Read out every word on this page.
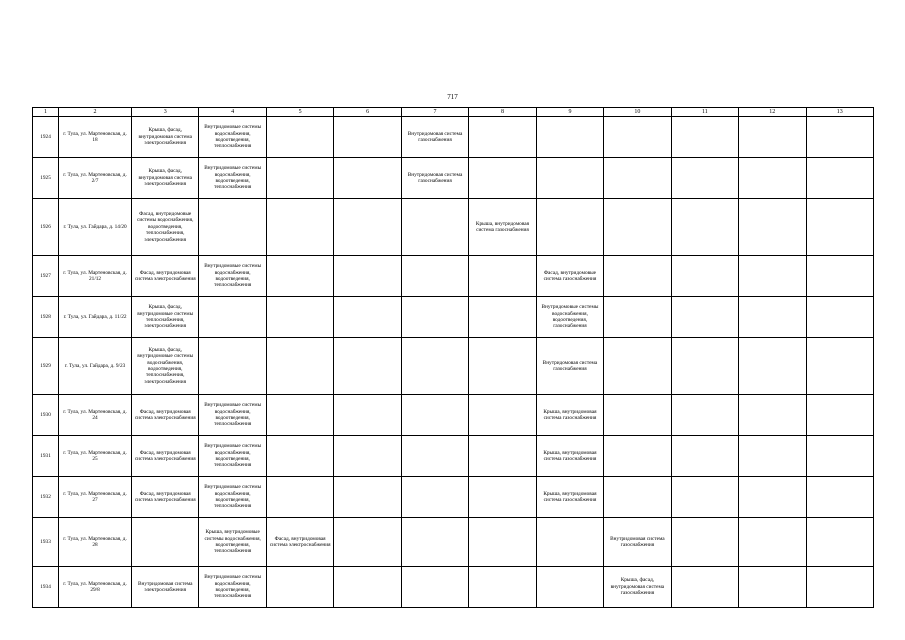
717
1	2	3	4	5	6	7	8	9	10	11	12	13
1924	г. Тула, ул. Мартеновская, д. 18	Крыша, фасад, внутридомовая система электроснабжения	Внутридомовые системы водоснабжения, водоотведения, теплоснабжения			Внутридомовая система газоснабжения						
1925	г. Тула, ул. Мартеновская, д. 2/7	Крыша, фасад, внутридомовая система электроснабжения	Внутридомовые системы водоснабжения, водоотведения, теплоснабжения			Внутридомовая система газоснабжения						
1926	г. Тула, ул. Гайдара, д. 14/20	Фасад, внутридомовые системы водоснабжения, водоотведения, теплоснабжения, электроснабжения					Крыша, внутридомовая система газоснабжения					
1927	г. Тула, ул. Мартеновская, д. 21/12	Фасад, внутридомовая система электроснабжения	Внутридомовые системы водоснабжения, водоотведения, теплоснабжения					Фасад, внутридомовые система газоснабжения				
1928	г. Тула, ул. Гайдара, д. 11/22	Крыша, фасад, внутридомовые системы теплоснабжения, электроснабжения						Внутридомовые системы водоснабжения, водоотведения, газоснабжения				
1929	г. Тула, ул. Гайдара, д. 9/23	Крыша, фасад, внутридомовые системы водоснабжения, водоотведения, теплоснабжения, электроснабжения						Внутридомовая система газоснабжения				
1930	г. Тула, ул. Мартеновская, д. 24	Фасад, внутридомовая система электроснабжения	Внутридомовые системы водоснабжения, водоотведения, теплоснабжения					Крыша, внутридомовая система газоснабжения				
1931	г. Тула, ул. Мартеновская, д. 25	Фасад, внутридомовая система электроснабжения	Внутридомовые системы водоснабжения, водоотведения, теплоснабжения					Крыша, внутридомовая система газоснабжения				
1932	г. Тула, ул. Мартеновская, д. 27	Фасад, внутридомовая система электроснабжения	Внутридомовые системы водоснабжения, водоотведения, теплоснабжения					Крыша, внутридомовая система газоснабжения				
1933	г. Тула, ул. Мартеновская, д. 28		Крыша, внутридомовые системы водоснабжения, водоотведения, теплоснабжения	Фасад, внутридомовая система электроснабжения					Внутридомовая система газоснабжения			
1934	г. Тула, ул. Мартеновская, д. 29/8	Внутридомовая система электроснабжения	Внутридомовые системы водоснабжения, водоотведения, теплоснабжения						Крыша, фасад, внутридомовая система газоснабжения			
